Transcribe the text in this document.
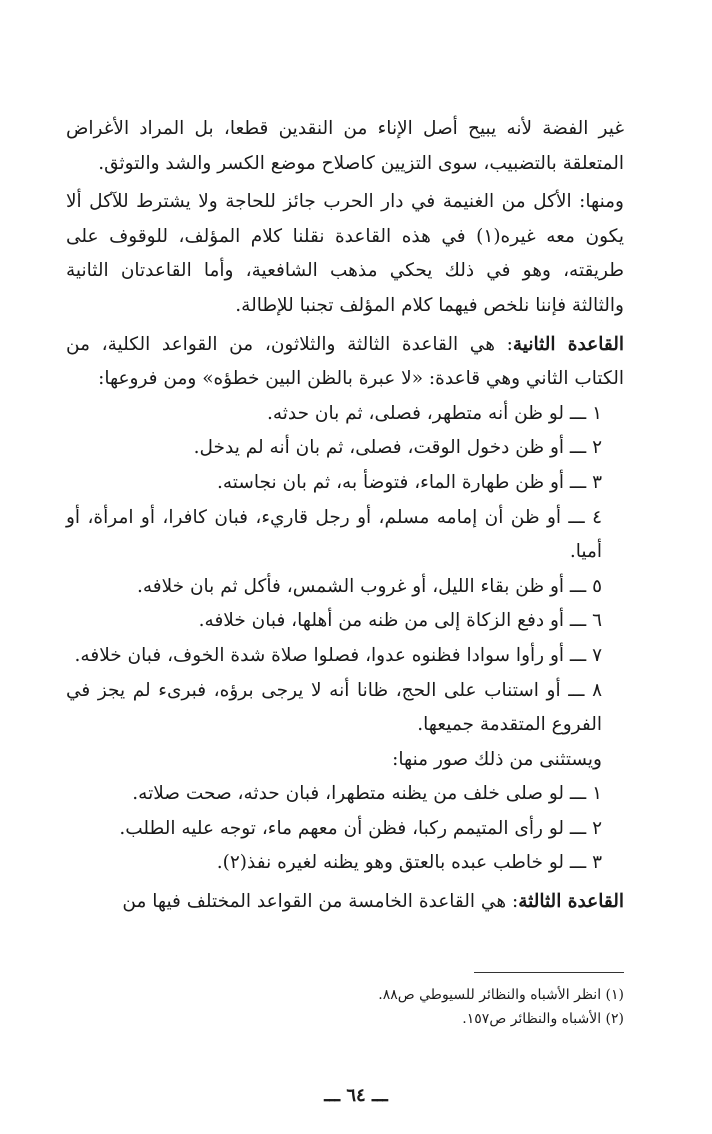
غير الفضة لأنه يبيح أصل الإناء من النقدين قطعا، بل المراد الأغراض المتعلقة بالتضبيب، سوى التزيين كاصلاح موضع الكسر والشد والتوثق.

ومنها: الأكل من الغنيمة في دار الحرب جائز للحاجة ولا يشترط للآكل ألا يكون معه غيره(١) في هذه القاعدة نقلنا كلام المؤلف، للوقوف على طريقته، وهو في ذلك يحكي مذهب الشافعية، وأما القاعدتان الثانية والثالثة فإننا نلخص فيهما كلام المؤلف تجنبا للإطالة.

القاعدة الثانية: هي القاعدة الثالثة والثلاثون، من القواعد الكلية، من الكتاب الثاني وهي قاعدة: «لا عبرة بالظن البين خطؤه» ومن فروعها:

١ ـــ لو ظن أنه متطهر، فصلى، ثم بان حدثه.

٢ ـــ أو ظن دخول الوقت، فصلى، ثم بان أنه لم يدخل.

٣ ـــ أو ظن طهارة الماء، فتوضأ به، ثم بان نجاسته.

٤ ـــ أو ظن أن إمامه مسلم، أو رجل قاريء، فبان كافرا، أو امرأة، أو أميا.

٥ ـــ أو ظن بقاء الليل، أو غروب الشمس، فأكل ثم بان خلافه.

٦ ـــ أو دفع الزكاة إلى من ظنه من أهلها، فبان خلافه.

٧ ـــ أو رأوا سوادا فظنوه عدوا، فصلوا صلاة شدة الخوف، فبان خلافه.

٨ ـــ أو استناب على الحج، ظانا أنه لا يرجى برؤه، فبرىء لم يجز في الفروع المتقدمة جميعها.

ويستثنى من ذلك صور منها:

١ ـــ لو صلى خلف من يظنه متطهرا، فبان حدثه، صحت صلاته.

٢ ـــ لو رأى المتيمم ركبا، فظن أن معهم ماء، توجه عليه الطلب.

٣ ـــ لو خاطب عبده بالعتق وهو يظنه لغيره نفذ(٢).

القاعدة الثالثة: هي القاعدة الخامسة من القواعد المختلف فيها من

(١) انظر الأشباه والنظائر للسيوطي ص٨٨.

(٢) الأشباه والنظائر ص١٥٧.

ـــ ٦٤ ـــ
